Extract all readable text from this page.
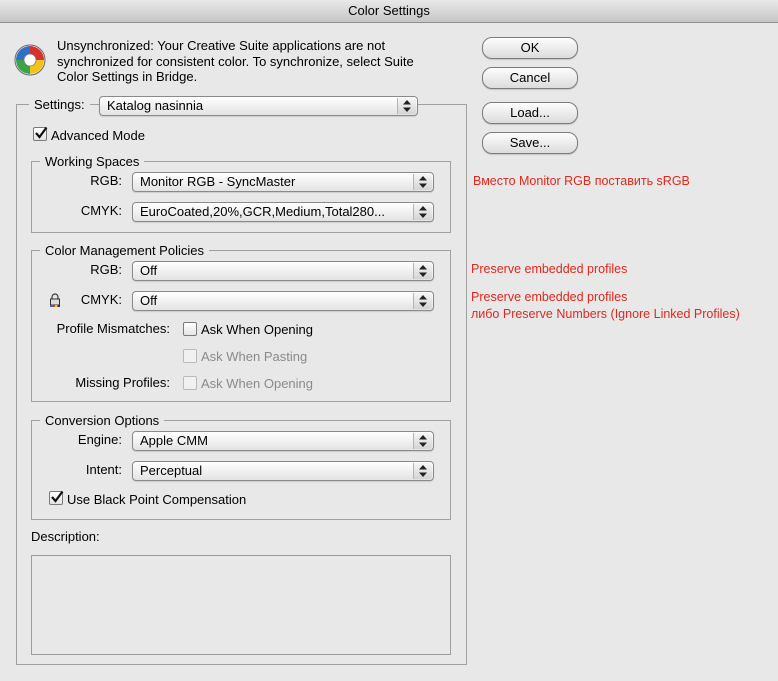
Color Settings
Unsynchronized: Your Creative Suite applications are not synchronized for consistent color. To synchronize, select Suite Color Settings in Bridge.
OK
Cancel
Load...
Save...
Settings:	Katalog nasinnia
Advanced Mode
Working Spaces
RGB: Monitor RGB - SyncMaster
CMYK: EuroCoated,20%,GCR,Medium,Total280...
Color Management Policies
RGB: Off
CMYK: Off
Profile Mismatches: Ask When Opening
Ask When Pasting
Missing Profiles: Ask When Opening
Conversion Options
Engine: Apple CMM
Intent: Perceptual
Use Black Point Compensation
Description:
Вместо Monitor RGB поставить sRGB
Preserve embedded profiles
Preserve embedded profiles
либо Preserve Numbers (Ignore Linked Profiles)
